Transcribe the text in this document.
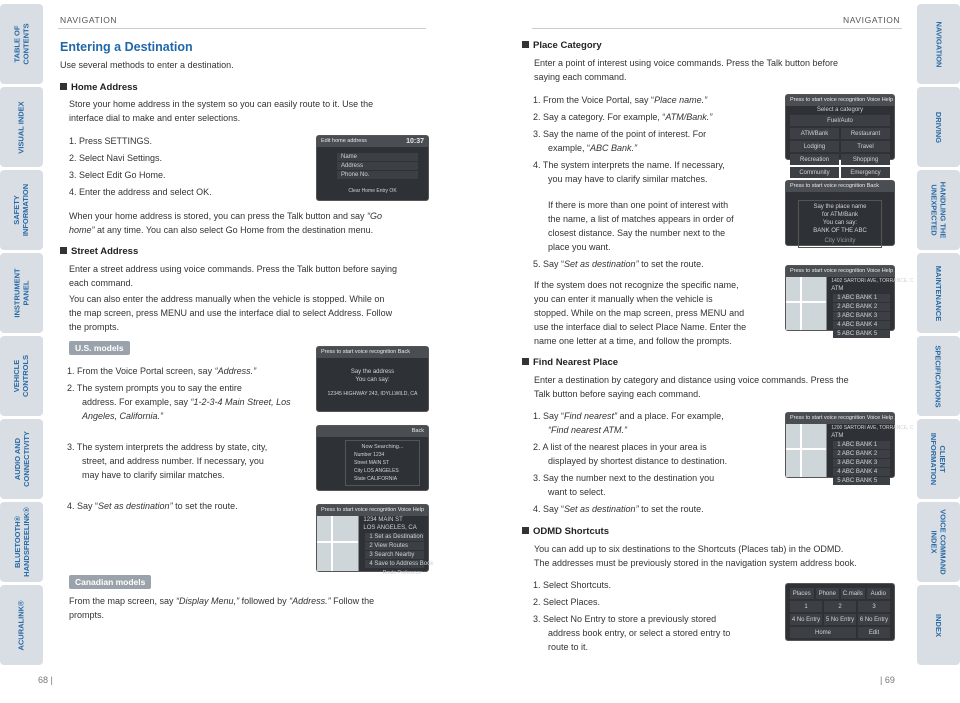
TABLE OF
CONTENTS
VISUAL INDEX
SAFETY
INFORMATION
INSTRUMENT
PANEL
VEHICLE
CONTROLS
AUDIO AND
CONNECTIVITY
BLUETOOTH®
HANDSFREELINK®
ACURALINK®
NAVIGATION
DRIVING
HANDLING THE
UNEXPECTED
MAINTENANCE
SPECIFICATIONS
CLIENT
INFORMATION
VOICE COMMAND
INDEX
INDEX
NAVIGATION	NAVIGATION
68 |	| 69
Entering a Destination
Use several methods to enter a destination.
Home Address
Store your home address in the system so you can easily route to it. Use the
interface dial to make and enter selections.
1. Press SETTINGS.
2. Select Navi Settings.
3. Select Edit Go Home.
4. Enter the address and select OK.
When your home address is stored, you can press the Talk button and say “Go
home” at any time. You can also select Go Home from the destination menu.
Edit home address	10:37
Name
Address
Phone No.
Clear Home Entry OK
Street Address
Enter a street address using voice commands. Press the Talk button before saying
each command.
You can also enter the address manually when the vehicle is stopped. While on
the map screen, press MENU and use the interface dial to select Address. Follow
the prompts.
U.S. models
1. From the Voice Portal screen, say “Address.”
2. The system prompts you to say the entire
address. For example, say “1-2-3-4 Main Street, Los
Angeles, California.”
3. The system interprets the address by state, city,
street, and address number. If necessary, you
may have to clarify similar matches.
4. Say “Set as destination” to set the route.
Canadian models
From the map screen, say “Display Menu,” followed by “Address.” Follow the
prompts.
Press to start voice recognition Back
Say the address
You can say:
12345 HIGHWAY 243, IDYLLWILD, CA
Back
Now Searching...
Number 1234
Street MAIN ST
City LOS ANGELES
State CALIFORNIA
Press to start voice recognition Voice Help
1234 MAIN ST
LOS ANGELES, CA
1 Set as Destination
2 View Routes
3 Search Nearby
4 Save to Address Book
Route Preference
Place Category
Enter a point of interest using voice commands. Press the Talk button before
saying each command.
1. From the Voice Portal, say “Place name.”
2. Say a category. For example, “ATM/Bank.”
3. Say the name of the point of interest. For
example, “ABC Bank.”
4. The system interprets the name. If necessary,
you may have to clarify similar matches.
If there is more than one point of interest with
the name, a list of matches appears in order of
closest distance. Say the number next to the
place you want.
5. Say “Set as destination” to set the route.
If the system does not recognize the specific name,
you can enter it manually when the vehicle is
stopped. While on the map screen, press MENU and
use the interface dial to select Place Name. Enter the
name one letter at a time, and follow the prompts.
Press to start voice recognition Voice Help
Select a category
Fuel/Auto
ATM/Bank	Restaurant
Lodging	Travel
Recreation	Shopping
Community	Emergency
Press to start voice recognition Back
Say the place name
for ATM/Bank
You can say:
BANK OF THE ABC
City Vicinity
Press to start voice recognition Voice Help
1402 SARTORI AVE, TORRANCE, C
ATM
1 ABC BANK 1
2 ABC BANK 2
3 ABC BANK 3
4 ABC BANK 4
5 ABC BANK 5
Find Nearest Place
Enter a destination by category and distance using voice commands. Press the
Talk button before saying each command.
1. Say “Find nearest” and a place. For example,
“Find nearest ATM.”
2. A list of the nearest places in your area is
displayed by shortest distance to destination.
3. Say the number next to the destination you
want to select.
4. Say “Set as destination” to set the route.
Press to start voice recognition Voice Help
1200 SARTORI AVE, TORRANCE, C
ATM
1 ABC BANK 1
2 ABC BANK 2
3 ABC BANK 3
4 ABC BANK 4
5 ABC BANK 5
ODMD Shortcuts
You can add up to six destinations to the Shortcuts (Places tab) in the ODMD.
The addresses must be previously stored in the navigation system address book.
1. Select Shortcuts.
2. Select Places.
3. Select No Entry to store a previously stored
address book entry, or select a stored entry to
route to it.
Places	Phone	C.mails	Audio
1	2	3
4 No Entry 5 No Entry 6 No Entry
Home	Edit
